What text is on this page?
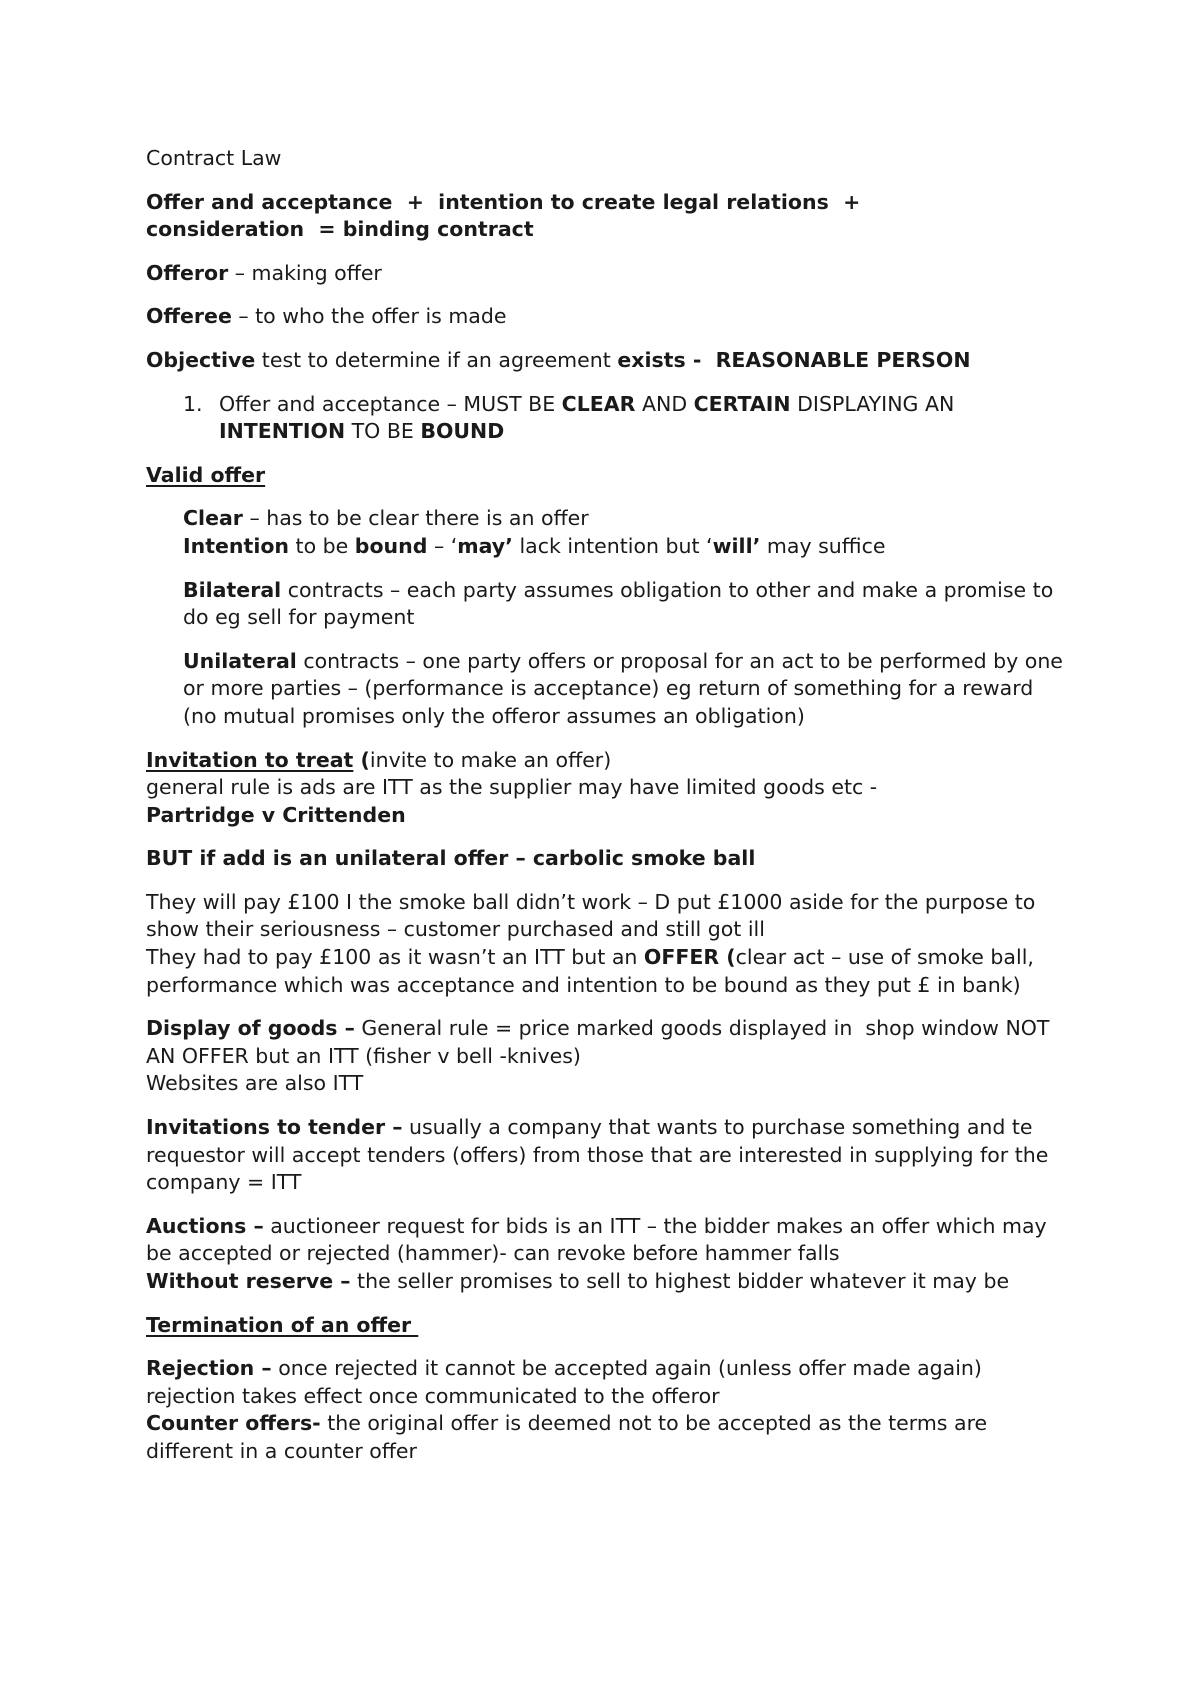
Contract Law

Offer and acceptance + intention to create legal relations +
consideration = binding contract

Offeror – making offer

Offeree – to who the offer is made

Objective test to determine if an agreement exists - REASONABLE PERSON

1. Offer and acceptance – MUST BE CLEAR AND CERTAIN DISPLAYING AN INTENTION TO BE BOUND

Valid offer

Clear – has to be clear there is an offer
Intention to be bound – ‘may’ lack intention but ‘will’ may suffice

Bilateral contracts – each party assumes obligation to other and make a promise to do eg sell for payment

Unilateral contracts – one party offers or proposal for an act to be performed by one or more parties – (performance is acceptance) eg return of something for a reward (no mutual promises only the offeror assumes an obligation)

Invitation to treat (invite to make an offer)
general rule is ads are ITT as the supplier may have limited goods etc -
Partridge v Crittenden

BUT if add is an unilateral offer – carbolic smoke ball

They will pay £100 I the smoke ball didn’t work – D put £1000 aside for the purpose to show their seriousness – customer purchased and still got ill
They had to pay £100 as it wasn’t an ITT but an OFFER (clear act – use of smoke ball, performance which was acceptance and intention to be bound as they put £ in bank)

Display of goods – General rule = price marked goods displayed in  shop window NOT AN OFFER but an ITT (fisher v bell -knives)
Websites are also ITT

Invitations to tender – usually a company that wants to purchase something and te requestor will accept tenders (offers) from those that are interested in supplying for the company = ITT

Auctions – auctioneer request for bids is an ITT – the bidder makes an offer which may be accepted or rejected (hammer)- can revoke before hammer falls
Without reserve – the seller promises to sell to highest bidder whatever it may be

Termination of an offer

Rejection – once rejected it cannot be accepted again (unless offer made again)
rejection takes effect once communicated to the offeror
Counter offers- the original offer is deemed not to be accepted as the terms are different in a counter offer
